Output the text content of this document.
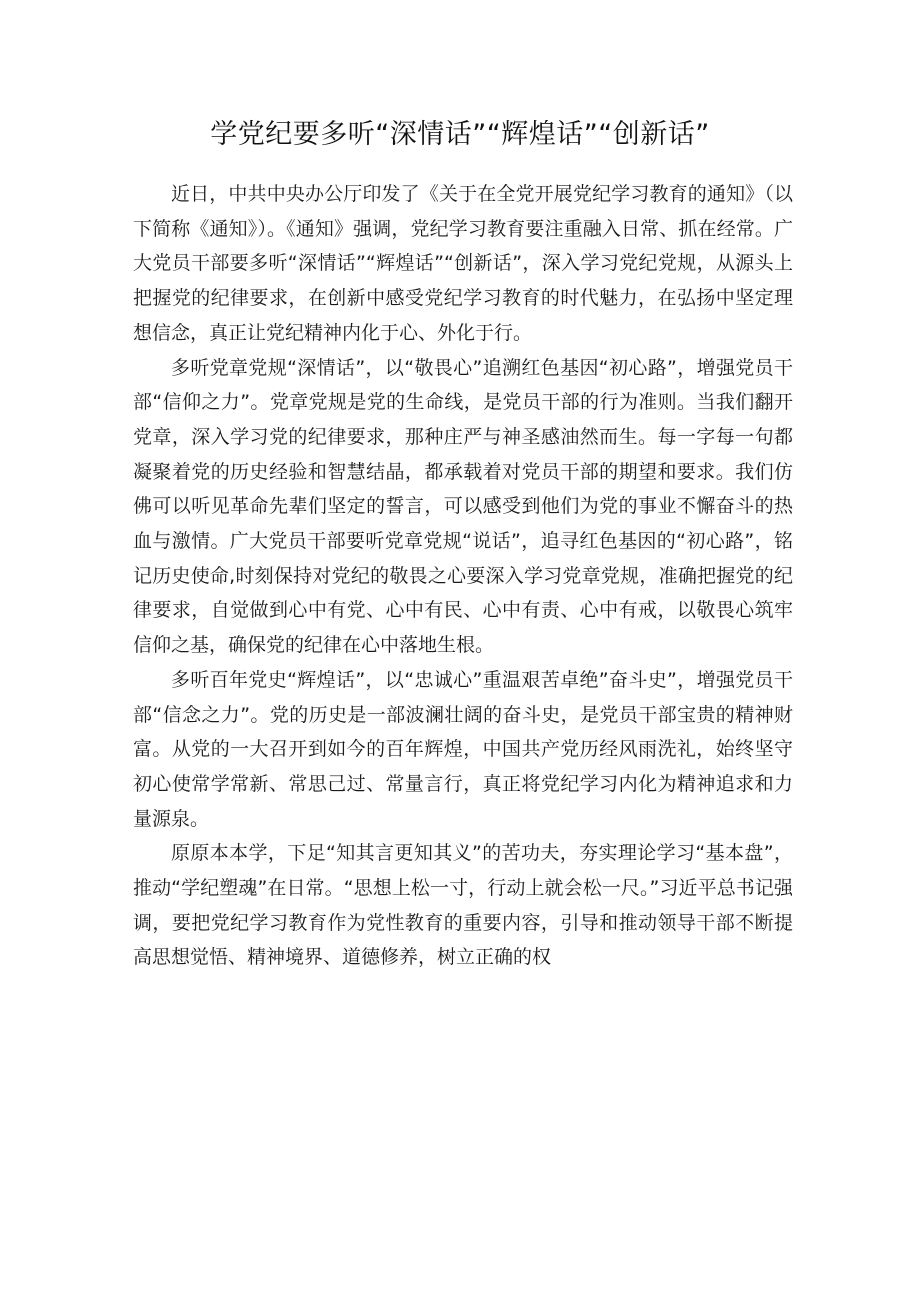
学党纪要多听“深情话”“辉煌话”“创新话”

近日，中共中央办公厅印发了《关于在全党开展党纪学习教育的通知》（以下简称《通知》）。《通知》强调，党纪学习教育要注重融入日常、抓在经常。广大党员干部要多听“深情话”“辉煌话”“创新话”，深入学习党纪党规，从源头上把握党的纪律要求，在创新中感受党纪学习教育的时代魅力，在弘扬中坚定理想信念，真正让党纪精神内化于心、外化于行。

多听党章党规“深情话”，以“敬畏心”追溯红色基因“初心路”，增强党员干部“信仰之力”。党章党规是党的生命线，是党员干部的行为准则。当我们翻开党章，深入学习党的纪律要求，那种庄严与神圣感油然而生。每一字每一句都凝聚着党的历史经验和智慧结晶，都承载着对党员干部的期望和要求。我们仿佛可以听见革命先辈们坚定的誓言，可以感受到他们为党的事业不懈奋斗的热血与激情。广大党员干部要听党章党规“说话”，追寻红色基因的“初心路”，铭记历史使命,时刻保持对党纪的敬畏之心要深入学习党章党规，准确把握党的纪律要求，自觉做到心中有党、心中有民、心中有责、心中有戒，以敬畏心筑牢信仰之基，确保党的纪律在心中落地生根。

多听百年党史“辉煌话”，以“忠诚心”重温艰苦卓绝”奋斗史”，增强党员干部“信念之力”。党的历史是一部波澜壮阔的奋斗史，是党员干部宝贵的精神财富。从党的一大召开到如今的百年辉煌，中国共产党历经风雨洗礼，始终坚守初心使常学常新、常思己过、常量言行，真正将党纪学习内化为精神追求和力量源泉。

原原本本学，下足“知其言更知其义”的苦功夫，夯实理论学习“基本盘”，推动“学纪塑魂”在日常。“思想上松一寸，行动上就会松一尺。”习近平总书记强调，要把党纪学习教育作为党性教育的重要内容，引导和推动领导干部不断提高思想觉悟、精神境界、道德修养，树立正确的权
